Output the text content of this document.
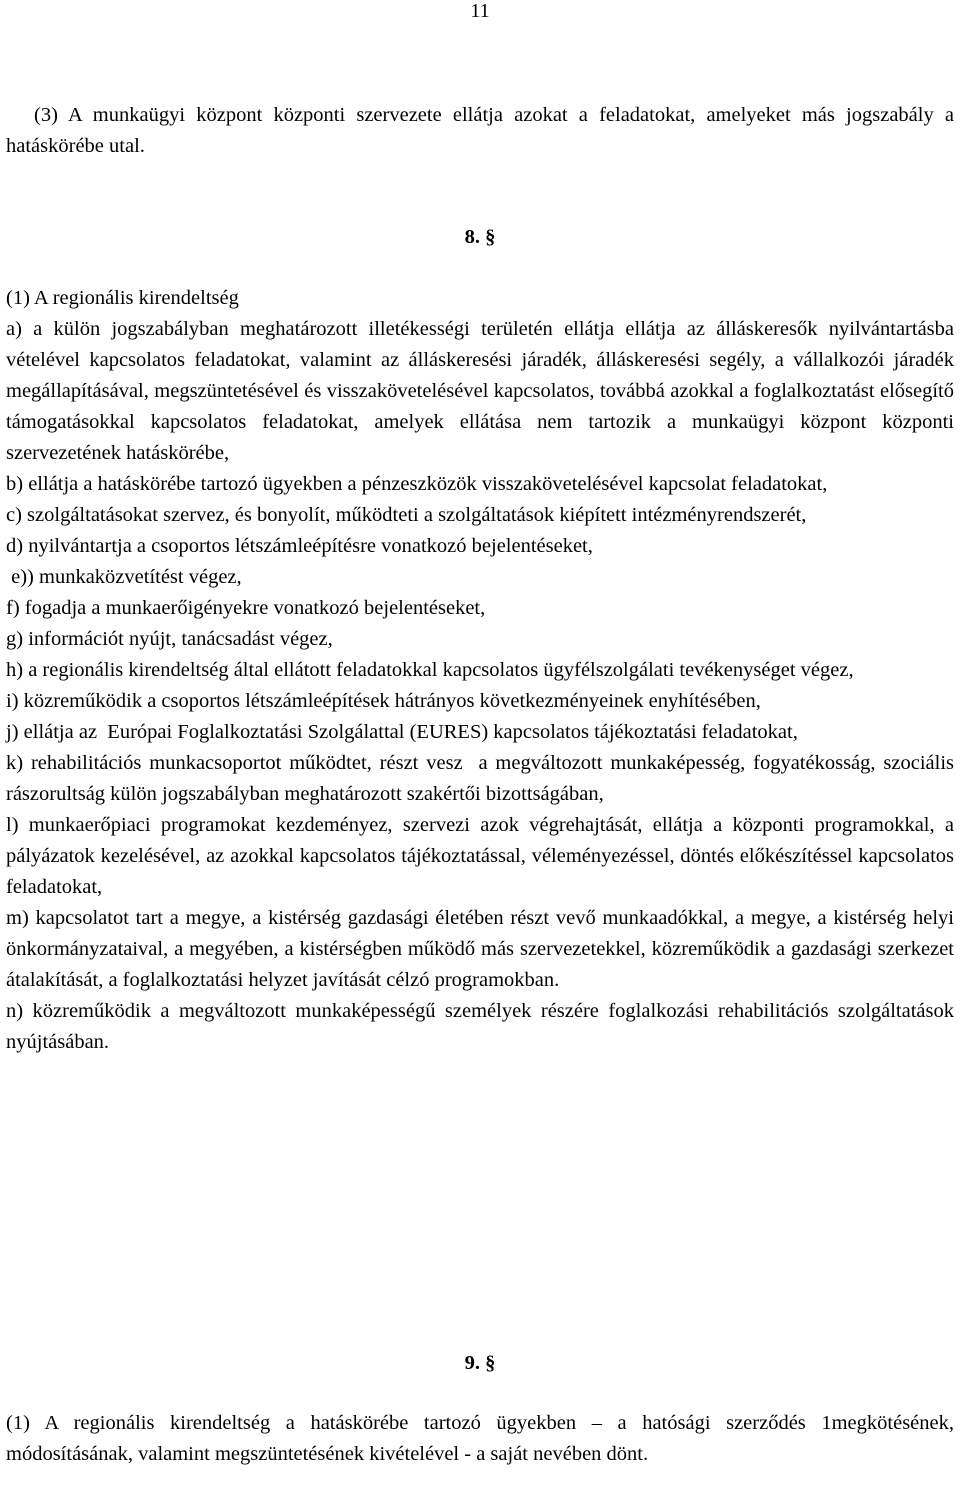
11

(3) A munkaügyi központ központi szervezete ellátja azokat a feladatokat, amelyeket más jogszabály a hatáskörébe utal.

8. §

(1) A regionális kirendeltség

a) a külön jogszabályban meghatározott illetékességi területén ellátja ellátja az álláskeresők nyilvántartásba vételével kapcsolatos feladatokat, valamint az álláskeresési járadék, álláskeresési segély, a vállalkozói járadék megállapításával, megszüntetésével és visszakövetelésével kapcsolatos, továbbá azokkal a foglalkoztatást elősegítő támogatásokkal kapcsolatos feladatokat, amelyek ellátása nem tartozik a munkaügyi központ központi szervezetének hatáskörébe,

b) ellátja a hatáskörébe tartozó ügyekben a pénzeszközök visszakövetelésével kapcsolat feladatokat,

c) szolgáltatásokat szervez, és bonyolít, működteti a szolgáltatások kiépített intézményrendszerét,

d) nyilvántartja a csoportos létszámleépítésre vonatkozó bejelentéseket,

e)) munkaközvetítést végez,

f) fogadja a munkaerőigényekre vonatkozó bejelentéseket,

g) információt nyújt, tanácsadást végez,

h) a regionális kirendeltség által ellátott feladatokkal kapcsolatos ügyfélszolgálati tevékenységet végez,

i) közreműködik a csoportos létszámleépítések hátrányos következményeinek enyhítésében,

j) ellátja az  Európai Foglalkoztatási Szolgálattal (EURES) kapcsolatos tájékoztatási feladatokat,

k) rehabilitációs munkacsoportot működtet, részt vesz  a megváltozott munkaképesség, fogyatékosság, szociális rászorultság külön jogszabályban meghatározott szakértői bizottságában,

l) munkaerőpiaci programokat kezdeményez, szervezi azok végrehajtását, ellátja a központi programokkal, a pályázatok kezelésével, az azokkal kapcsolatos tájékoztatással, véleményezéssel, döntés előkészítéssel kapcsolatos feladatokat,

m) kapcsolatot tart a megye, a kistérség gazdasági életében részt vevő munkaadókkal, a megye, a kistérség helyi önkormányzataival, a megyében, a kistérségben működő más szervezetekkel, közreműködik a gazdasági szerkezet átalakítását, a foglalkoztatási helyzet javítását célzó programokban.

n) közreműködik a megváltozott munkaképességű személyek részére foglalkozási rehabilitációs szolgáltatások nyújtásában.

9. §

(1) A regionális kirendeltség a hatáskörébe tartozó ügyekben – a hatósági szerződés 1megkötésének, módosításának, valamint megszüntetésének kivételével - a saját nevében dönt.
